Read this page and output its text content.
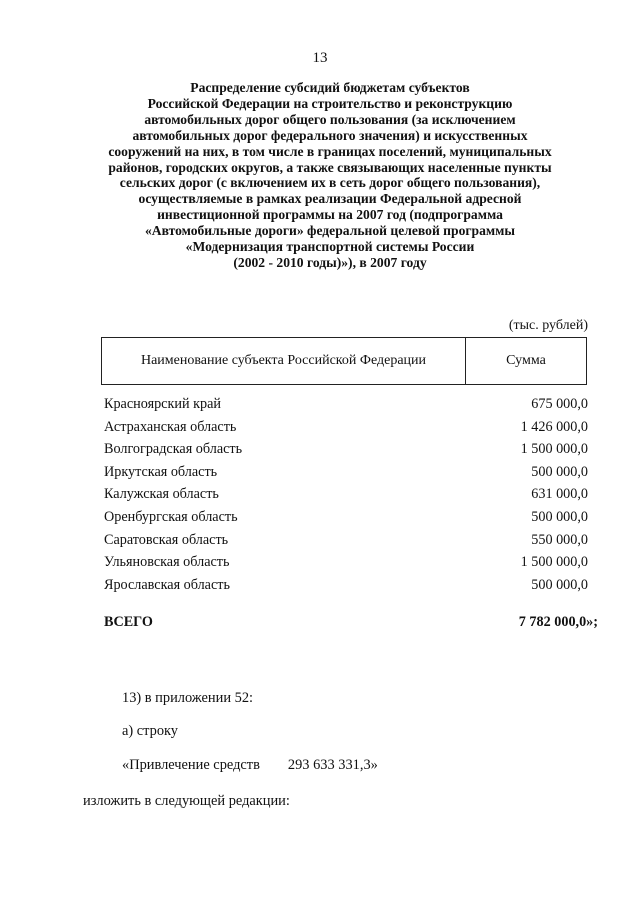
13
Распределение субсидий бюджетам субъектов
Российской Федерации на строительство и реконструкцию
автомобильных дорог общего пользования (за исключением
автомобильных дорог федерального значения) и искусственных
сооружений на них, в том числе в границах поселений, муниципальных
районов, городских округов, а также связывающих населенные пункты
сельских дорог (с включением их в сеть дорог общего пользования),
осуществляемые в рамках реализации Федеральной адресной
инвестиционной программы на 2007 год (подпрограмма
«Автомобильные дороги» федеральной целевой программы
«Модернизация транспортной системы России
(2002 - 2010 годы)»), в 2007 году
(тыс. рублей)
Наименование субъекта Российской Федерации	Сумма
Красноярский край	675 000,0
Астраханская область	1 426 000,0
Волгоградская область	1 500 000,0
Иркутская область	500 000,0
Калужская область	631 000,0
Оренбургская область	500 000,0
Саратовская область	550 000,0
Ульяновская область	1 500 000,0
Ярославская область	500 000,0
ВСЕГО	7 782 000,0»;
13) в приложении 52:
а) строку
«Привлечение средств 293 633 331,3»
изложить в следующей редакции:
